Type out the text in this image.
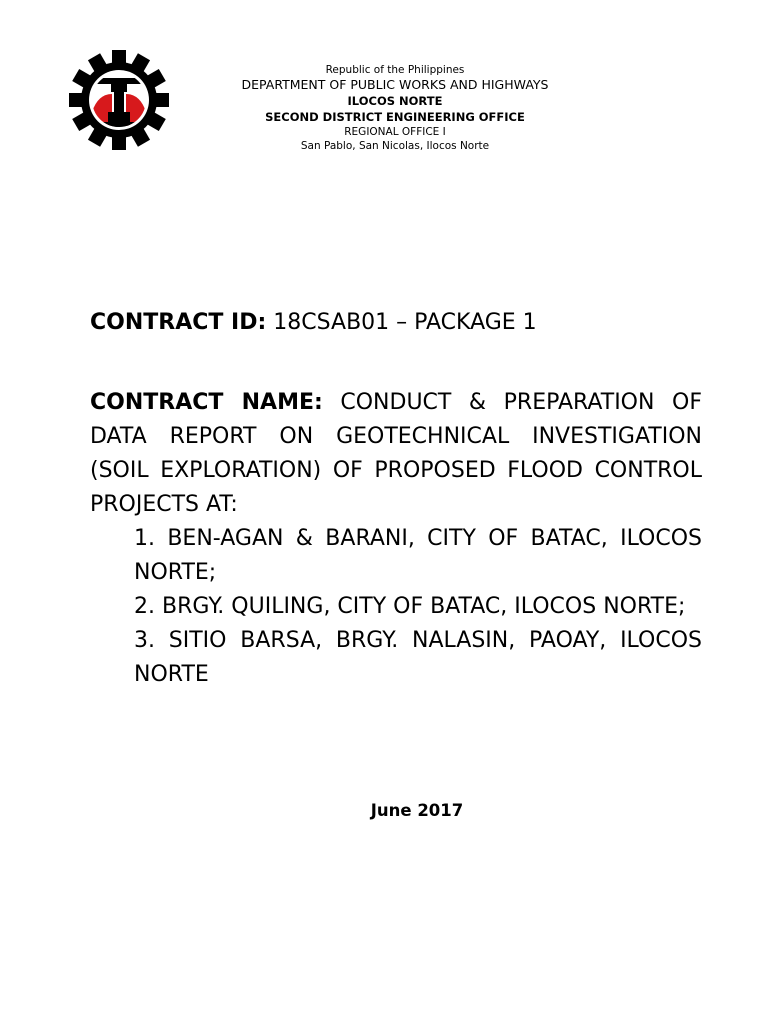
Republic of the Philippines
DEPARTMENT OF PUBLIC WORKS AND HIGHWAYS
ILOCOS NORTE
SECOND DISTRICT ENGINEERING OFFICE
REGIONAL OFFICE I
San Pablo, San Nicolas, Ilocos Norte
CONTRACT ID: 18CSAB01 – PACKAGE 1
CONTRACT NAME: CONDUCT & PREPARATION OF DATA REPORT ON GEOTECHNICAL INVESTIGATION (SOIL EXPLORATION) OF PROPOSED FLOOD CONTROL PROJECTS AT:
1. BEN-AGAN & BARANI, CITY OF BATAC, ILOCOS NORTE;
2. BRGY. QUILING, CITY OF BATAC, ILOCOS NORTE;
3. SITIO BARSA, BRGY. NALASIN, PAOAY, ILOCOS NORTE
June 2017
